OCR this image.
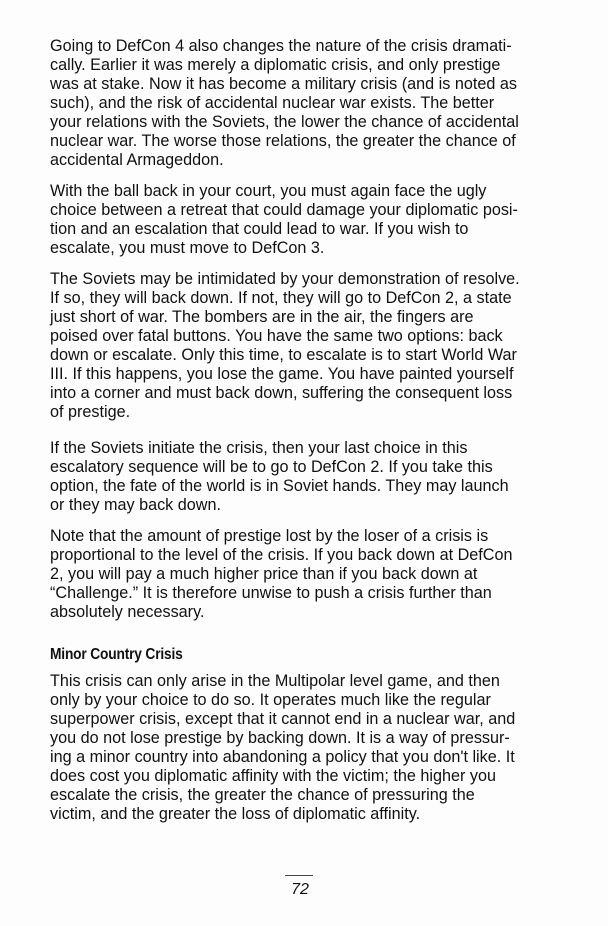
Going to DefCon 4 also changes the nature of the crisis dramati-
cally. Earlier it was merely a diplomatic crisis, and only prestige
was at stake. Now it has become a military crisis (and is noted as
such), and the risk of accidental nuclear war exists. The better
your relations with the Soviets, the lower the chance of accidental
nuclear war. The worse those relations, the greater the chance of
accidental Armageddon.
With the ball back in your court, you must again face the ugly
choice between a retreat that could damage your diplomatic posi-
tion and an escalation that could lead to war. If you wish to
escalate, you must move to DefCon 3.
The Soviets may be intimidated by your demonstration of resolve.
If so, they will back down. If not, they will go to DefCon 2, a state
just short of war. The bombers are in the air, the fingers are
poised over fatal buttons. You have the same two options: back
down or escalate. Only this time, to escalate is to start World War
III. If this happens, you lose the game. You have painted yourself
into a corner and must back down, suffering the consequent loss
of prestige.
If the Soviets initiate the crisis, then your last choice in this
escalatory sequence will be to go to DefCon 2. If you take this
option, the fate of the world is in Soviet hands. They may launch
or they may back down.
Note that the amount of prestige lost by the loser of a crisis is
proportional to the level of the crisis. If you back down at DefCon
2, you will pay a much higher price than if you back down at
“Challenge.” It is therefore unwise to push a crisis further than
absolutely necessary.
Minor Country Crisis
This crisis can only arise in the Multipolar level game, and then
only by your choice to do so. It operates much like the regular
superpower crisis, except that it cannot end in a nuclear war, and
you do not lose prestige by backing down. It is a way of pressur-
ing a minor country into abandoning a policy that you don't like. It
does cost you diplomatic affinity with the victim; the higher you
escalate the crisis, the greater the chance of pressuring the
victim, and the greater the loss of diplomatic affinity.
72
